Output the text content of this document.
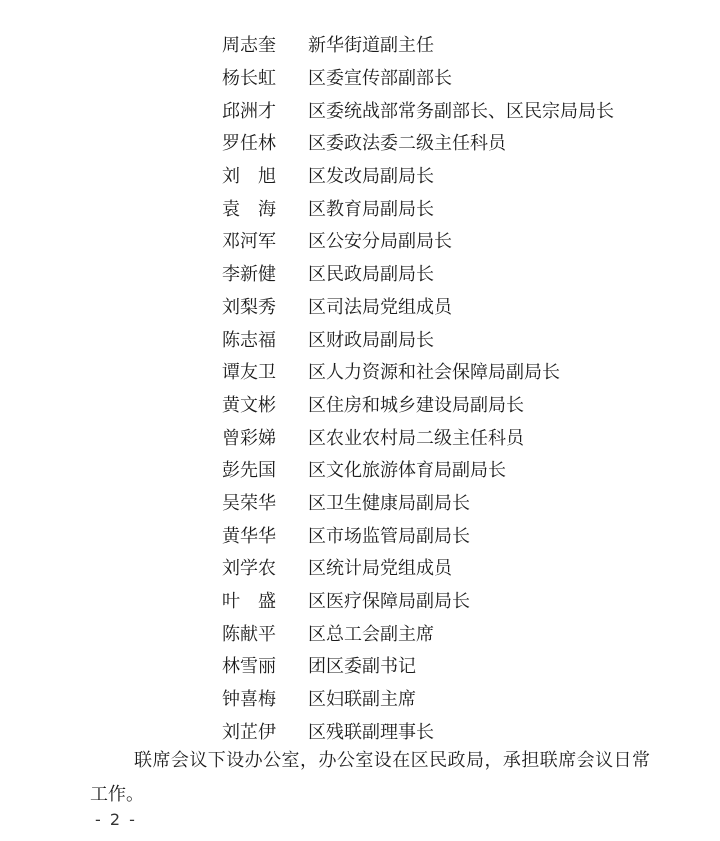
周志奎	新华街道副主任
杨长虹	区委宣传部副部长
邱洲才	区委统战部常务副部长、区民宗局局长
罗任林	区委政法委二级主任科员
刘　旭	区发改局副局长
袁　海	区教育局副局长
邓河军	区公安分局副局长
李新健	区民政局副局长
刘梨秀	区司法局党组成员
陈志福	区财政局副局长
谭友卫	区人力资源和社会保障局副局长
黄文彬	区住房和城乡建设局副局长
曾彩娣	区农业农村局二级主任科员
彭先国	区文化旅游体育局副局长
吴荣华	区卫生健康局副局长
黄华华	区市场监管局副局长
刘学农	区统计局党组成员
叶　盛	区医疗保障局副局长
陈献平	区总工会副主席
林雪丽	团区委副书记
钟喜梅	区妇联副主席
刘芷伊	区残联副理事长
联席会议下设办公室，办公室设在区民政局，承担联席会议日常工作。
- 2 -
